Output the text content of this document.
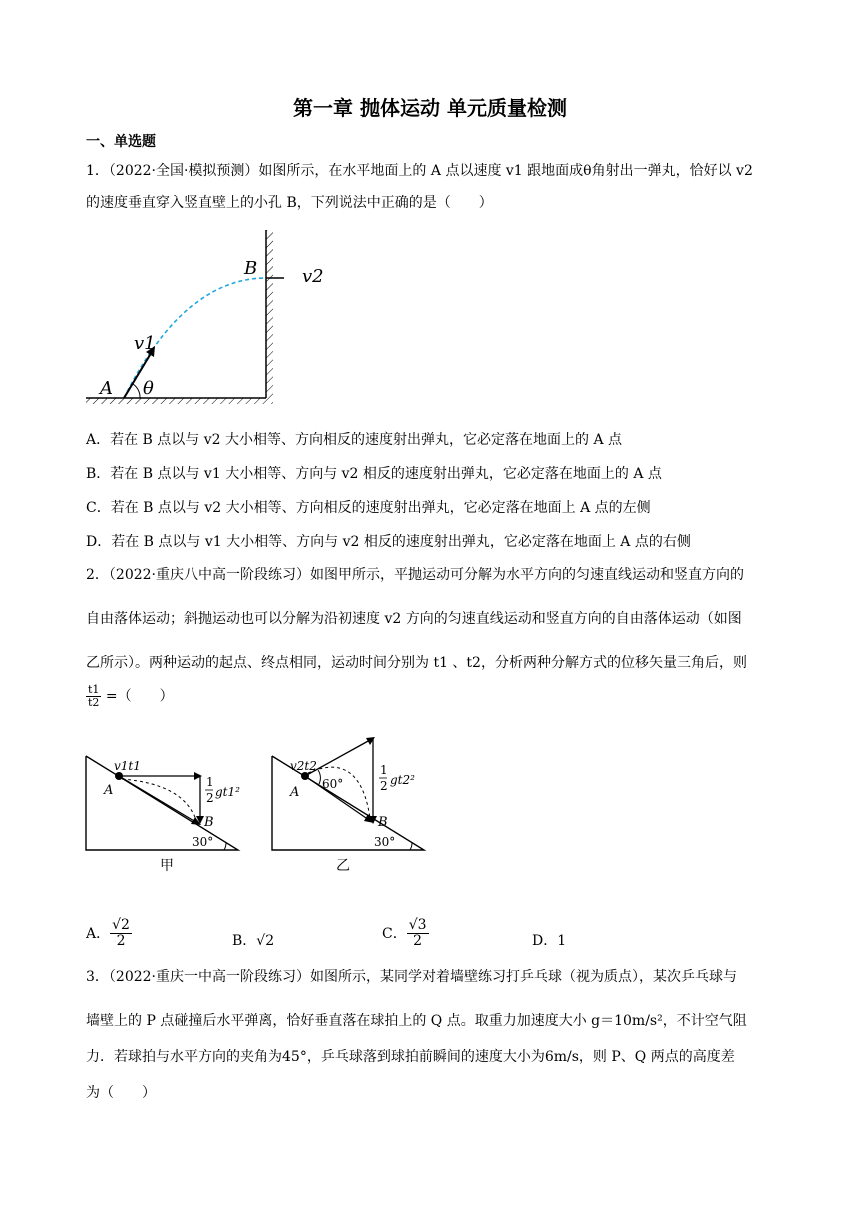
第一章 抛体运动 单元质量检测
一、单选题
1．（2022·全国·模拟预测）如图所示，在水平地面上的 A 点以速度 v1 跟地面成θ角射出一弹丸，恰好以 v2
的速度垂直穿入竖直壁上的小孔 B，下列说法中正确的是（　　）
B
v1
A θ
v2
A．若在 B 点以与 v2 大小相等、方向相反的速度射出弹丸，它必定落在地面上的 A 点
B．若在 B 点以与 v1 大小相等、方向与 v2 相反的速度射出弹丸，它必定落在地面上的 A 点
C．若在 B 点以与 v2 大小相等、方向相反的速度射出弹丸，它必定落在地面上 A 点的左侧
D．若在 B 点以与 v1 大小相等、方向与 v2 相反的速度射出弹丸，它必定落在地面上 A 点的右侧
2．（2022·重庆八中高一阶段练习）如图甲所示，平抛运动可分解为水平方向的匀速直线运动和竖直方向的
自由落体运动；斜抛运动也可以分解为沿初速度 v2 方向的匀速直线运动和竖直方向的自由落体运动（如图
乙所示）。两种运动的起点、终点相同，运动时间分别为 t1 、t2，分析两种分解方式的位移矢量三角后，则
$\frac{t1}{t2}$ =（　　）
v1t1
A
B
1
2 gt1²
30°
甲
v2t2
A
60°
B
1
2 gt2²
30°
乙
A． $\frac{√2}{2}$	B．√2	C． $\frac{√3}{2}$	D．1
3．（2022·重庆一中高一阶段练习）如图所示，某同学对着墙壁练习打乒乓球（视为质点），某次乒乓球与
墙壁上的 P 点碰撞后水平弹离，恰好垂直落在球拍上的 Q 点。取重力加速度大小 g＝10m/s²，不计空气阻
力．若球拍与水平方向的夹角为45°，乒乓球落到球拍前瞬间的速度大小为6m/s，则 P、Q 两点的高度差
为（　　）
